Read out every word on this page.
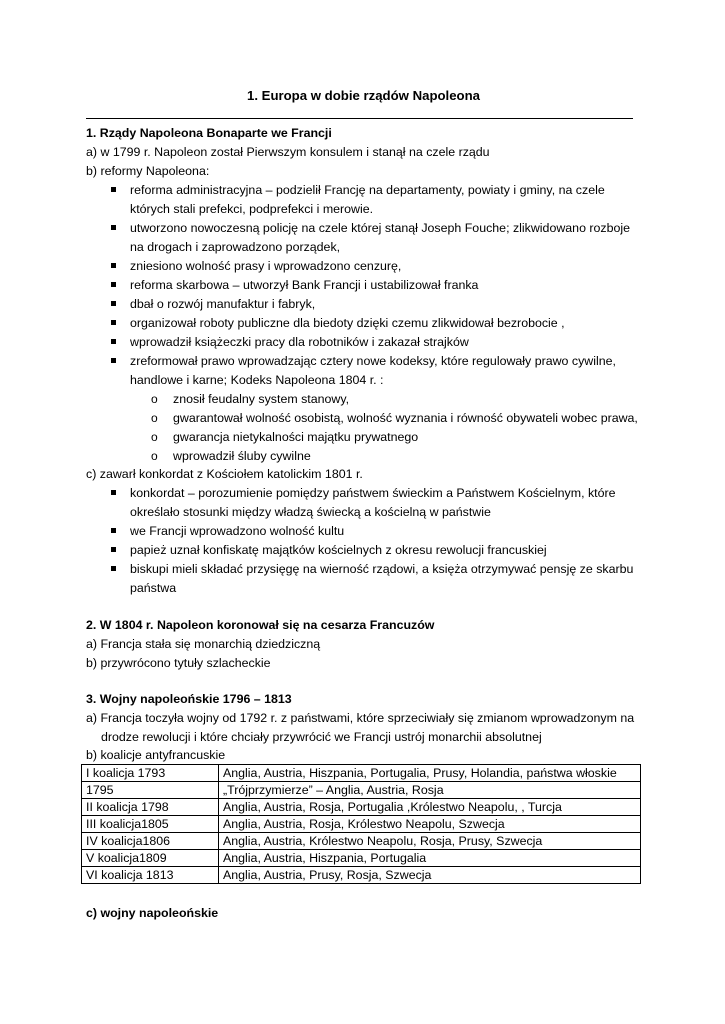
1. Europa w dobie rządów Napoleona
1. Rządy Napoleona Bonaparte we Francji
a) w 1799 r. Napoleon został Pierwszym konsulem i stanął na czele rządu
b) reformy Napoleona:
reforma administracyjna – podzielił Francję na departamenty, powiaty i gminy, na czele
których stali prefekci, podprefekci i merowie.
utworzono nowoczesną policję na czele której stanął Joseph Fouche; zlikwidowano rozboje
na drogach i zaprowadzono porządek,
zniesiono wolność prasy i wprowadzono cenzurę,
reforma skarbowa – utworzył Bank Francji i ustabilizował franka
dbał o rozwój manufaktur i fabryk,
organizował roboty publiczne dla biedoty dzięki czemu zlikwidował bezrobocie ,
wprowadził książeczki pracy dla robotników i zakazał strajków
zreformował prawo wprowadzając cztery nowe kodeksy, które regulowały prawo cywilne,
handlowe i karne; Kodeks Napoleona 1804 r. :
o znosił feudalny system stanowy,
o gwarantował wolność osobistą, wolność wyznania i równość obywateli wobec prawa,
o gwarancja nietykalności majątku prywatnego
o wprowadził śluby cywilne
c) zawarł konkordat z Kościołem katolickim 1801 r.
konkordat – porozumienie pomiędzy państwem świeckim a Państwem Kościelnym, które
określało stosunki między władzą świecką a kościelną w państwie
we Francji wprowadzono wolność kultu
papież uznał konfiskatę majątków kościelnych z okresu rewolucji francuskiej
biskupi mieli składać przysięgę na wierność rządowi, a księża otrzymywać pensję ze skarbu
państwa
2. W 1804 r. Napoleon koronował się na cesarza Francuzów
a) Francja stała się monarchią dziedziczną
b) przywrócono tytuły szlacheckie
3. Wojny napoleońskie 1796 – 1813
a) Francja toczyła wojny od 1792 r. z państwami, które sprzeciwiały się zmianom wprowadzonym na
drodze rewolucji i które chciały przywrócić we Francji ustrój monarchii absolutnej
b) koalicje antyfrancuskie
I koalicja 1793	Anglia, Austria, Hiszpania, Portugalia, Prusy, Holandia, państwa włoskie
1795	„Trójprzymierze” – Anglia, Austria, Rosja
II koalicja 1798	Anglia, Austria, Rosja, Portugalia ,Królestwo Neapolu, , Turcja
III koalicja1805	Anglia, Austria, Rosja, Królestwo Neapolu, Szwecja
IV koalicja1806	Anglia, Austria, Królestwo Neapolu, Rosja, Prusy, Szwecja
V koalicja1809	Anglia, Austria, Hiszpania, Portugalia
VI koalicja 1813	Anglia, Austria, Prusy, Rosja, Szwecja
c) wojny napoleońskie
